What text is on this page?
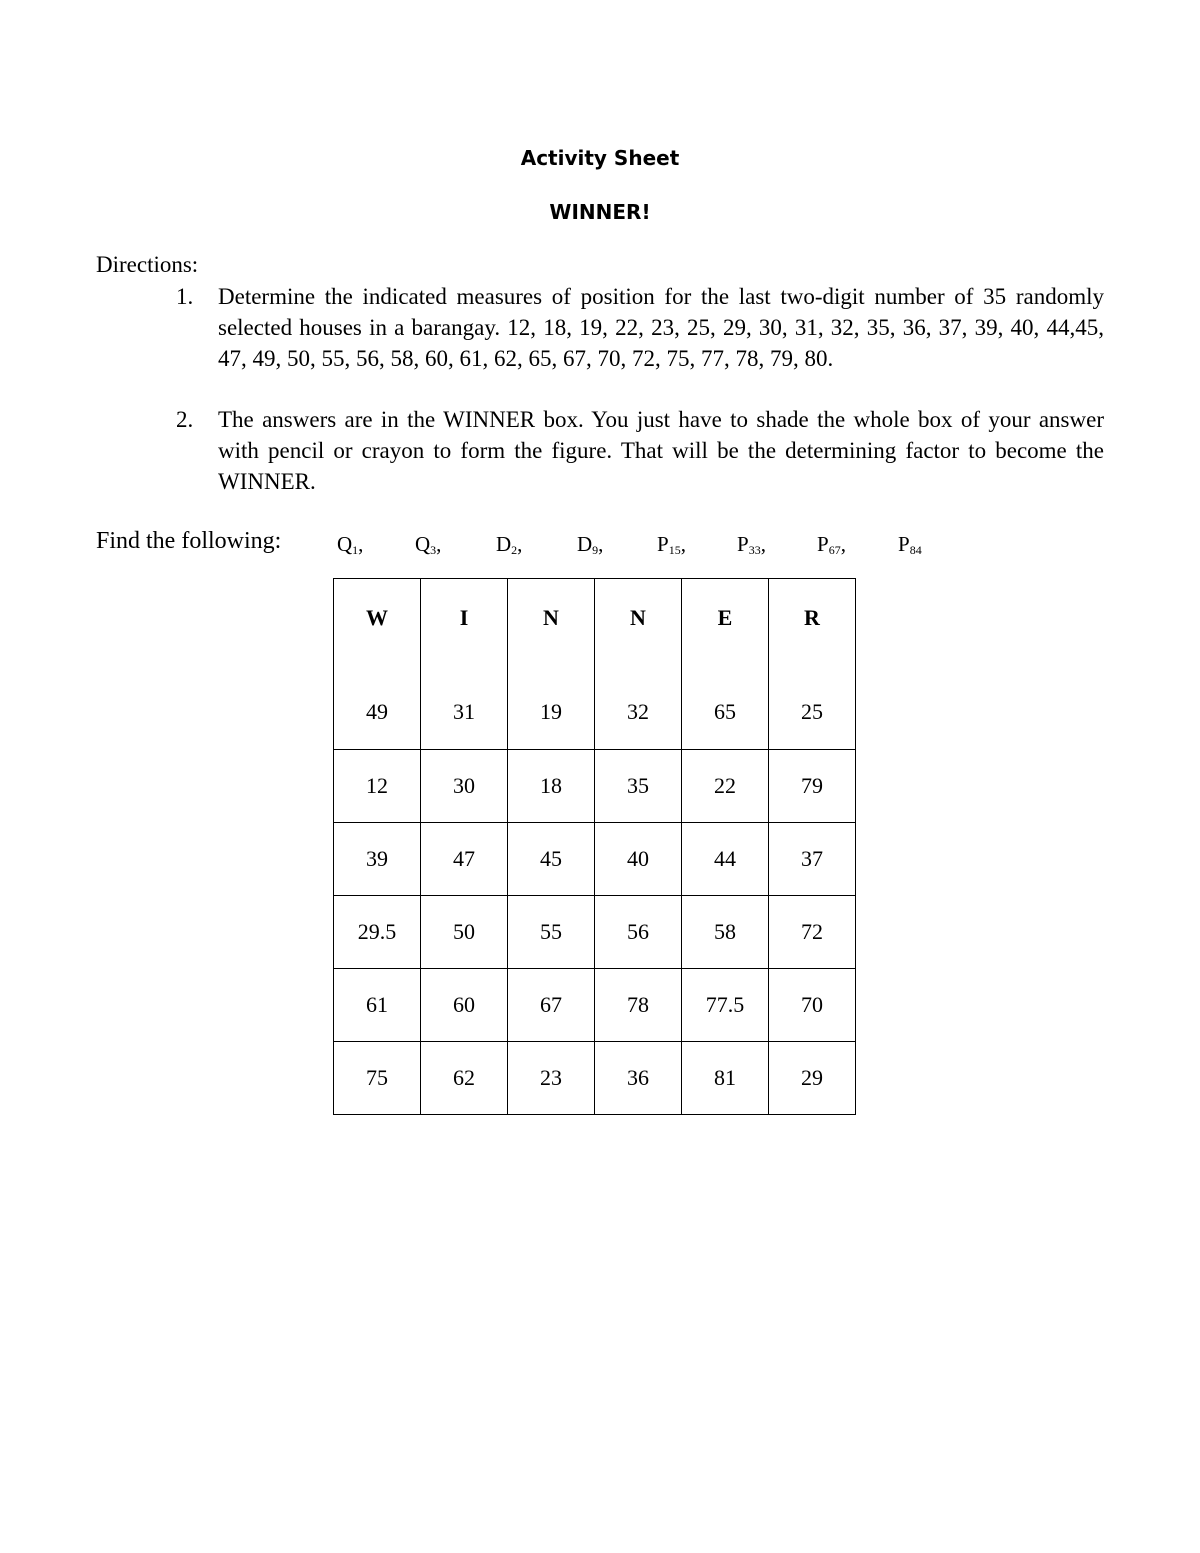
Activity Sheet
WINNER!
Directions:
1. Determine the indicated measures of position for the last two-digit number of 35 randomly selected houses in a barangay. 12, 18, 19, 22, 23, 25, 29, 30, 31, 32, 35, 36, 37, 39, 40, 44,45, 47, 49, 50, 55, 56, 58, 60, 61, 62, 65, 67, 70, 72, 75, 77, 78, 79, 80.
2. The answers are in the WINNER box. You just have to shade the whole box of your answer with pencil or crayon to form the figure. That will be the determining factor to become the WINNER.
Find the following:	$Q_1$, $Q_3$,	$D_2$,	$D_9$,	$P_{15}$, $P_{33}$, $P_{67}$, $P_{84}$
W	I	N	N	E	R
49	31	19	32	65	25
12	30	18	35	22	79
39	47	45	40	44	37
29.5	50	55	56	58	72
61	60	67	78	77.5	70
75	62	23	36	81	29
